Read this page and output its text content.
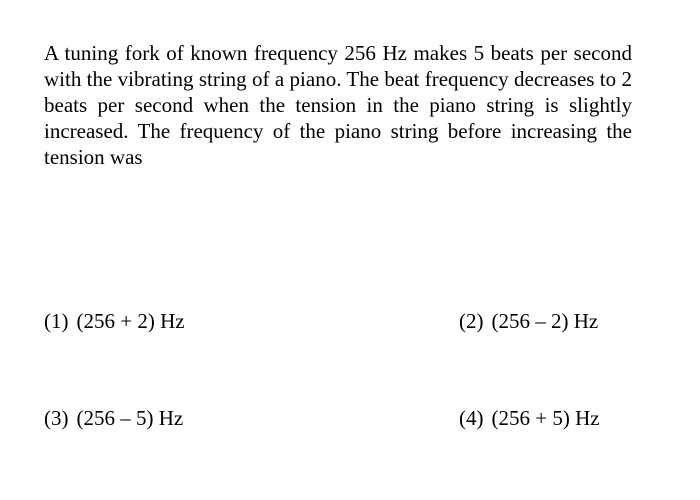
A tuning fork of known frequency 256 Hz makes 5 beats per second with the vibrating string of a piano. The beat frequency decreases to 2 beats per second when the tension in the piano string is slightly increased. The frequency of the piano string before increasing the tension was

(1) (256 + 2) Hz	(2) (256 – 2) Hz
(3) (256 – 5) Hz	(4) (256 + 5) Hz
